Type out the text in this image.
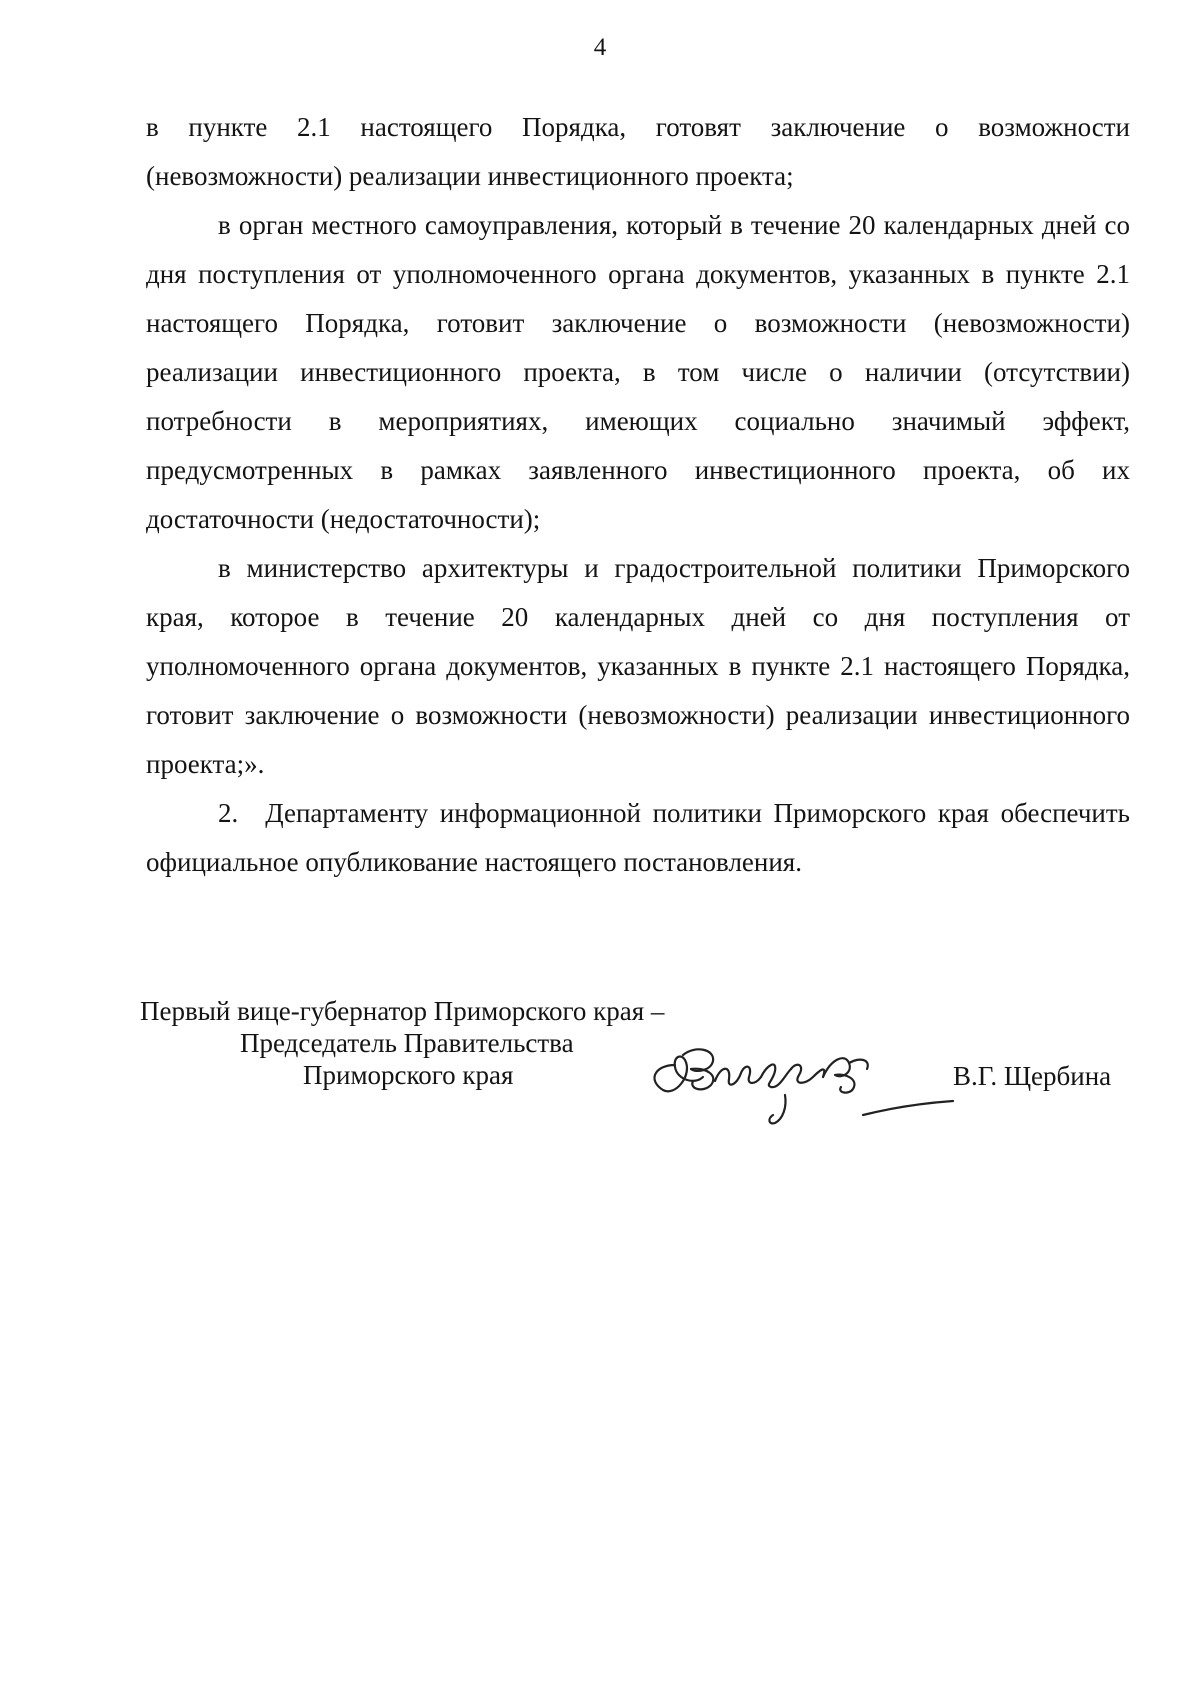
4

в пункте 2.1 настоящего Порядка, готовят заключение о возможности (невозможности) реализации инвестиционного проекта;

в орган местного самоуправления, который в течение 20 календарных дней со дня поступления от уполномоченного органа документов, указанных в пункте 2.1 настоящего Порядка, готовит заключение о возможности (невозможности) реализации инвестиционного проекта, в том числе о наличии (отсутствии) потребности в мероприятиях, имеющих социально значимый эффект, предусмотренных в рамках заявленного инвестиционного проекта, об их достаточности (недостаточности);

в министерство архитектуры и градостроительной политики Приморского края, которое в течение 20 календарных дней со дня поступления от уполномоченного органа документов, указанных в пункте 2.1 настоящего Порядка, готовит заключение о возможности (невозможности) реализации инвестиционного проекта;».

2. Департаменту информационной политики Приморского края обеспечить официальное опубликование настоящего постановления.

Первый вице-губернатор Приморского края –
Председатель Правительства
Приморского края	В.Г. Щербина
